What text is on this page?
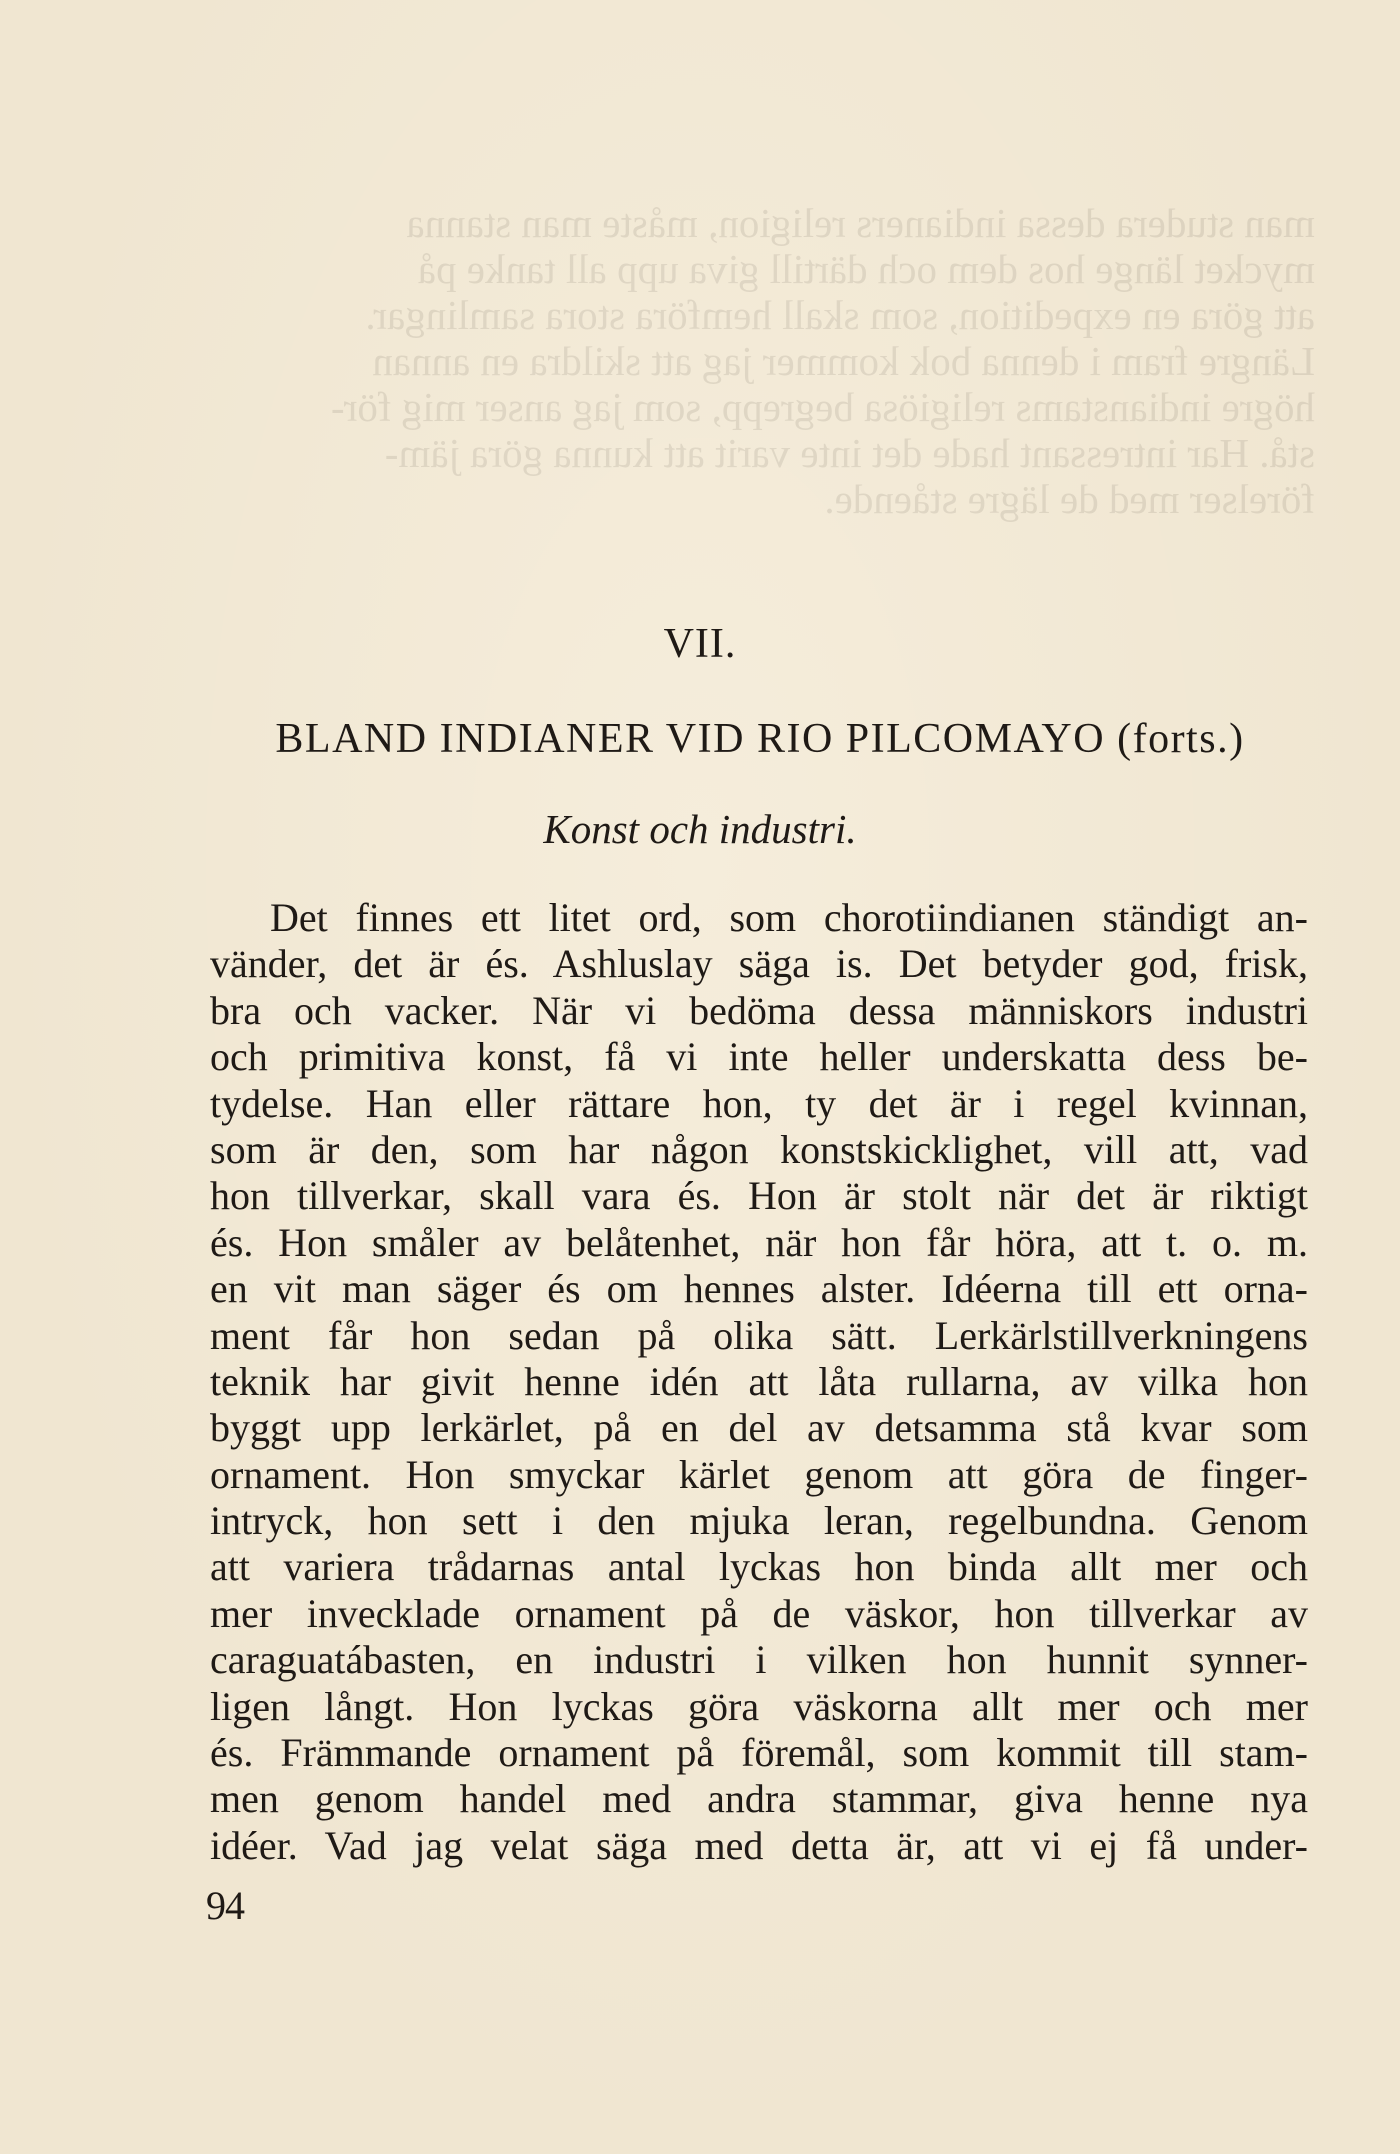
man studera dessa indianers religion, måste man stanna
mycket länge hos dem och därtill giva upp all tanke på
att göra en expedition, som skall hemföra stora samlingar.
Längre fram i denna bok kommer jag att skildra en annan
högre indianstams religiösa begrepp, som jag anser mig för-
stå. Har intressant hade det inte varit att kunna göra jäm-
förelser med de lägre stående.
VII.
BLAND INDIANER VID RIO PILCOMAYO (forts.)
Konst och industri.
Det finnes ett litet ord, som chorotiindianen ständigt an-
vänder, det är és. Ashluslay säga is. Det betyder god, frisk,
bra och vacker. När vi bedöma dessa människors industri
och primitiva konst, få vi inte heller underskatta dess be-
tydelse. Han eller rättare hon, ty det är i regel kvinnan,
som är den, som har någon konstskicklighet, vill att, vad
hon tillverkar, skall vara és. Hon är stolt när det är riktigt
és. Hon småler av belåtenhet, när hon får höra, att t. o. m.
en vit man säger és om hennes alster. Idéerna till ett orna-
ment får hon sedan på olika sätt. Lerkärlstillverkningens
teknik har givit henne idén att låta rullarna, av vilka hon
byggt upp lerkärlet, på en del av detsamma stå kvar som
ornament. Hon smyckar kärlet genom att göra de finger-
intryck, hon sett i den mjuka leran, regelbundna. Genom
att variera trådarnas antal lyckas hon binda allt mer och
mer invecklade ornament på de väskor, hon tillverkar av
caraguatábasten, en industri i vilken hon hunnit synner-
ligen långt. Hon lyckas göra väskorna allt mer och mer
és. Främmande ornament på föremål, som kommit till stam-
men genom handel med andra stammar, giva henne nya
idéer. Vad jag velat säga med detta är, att vi ej få under-
94
